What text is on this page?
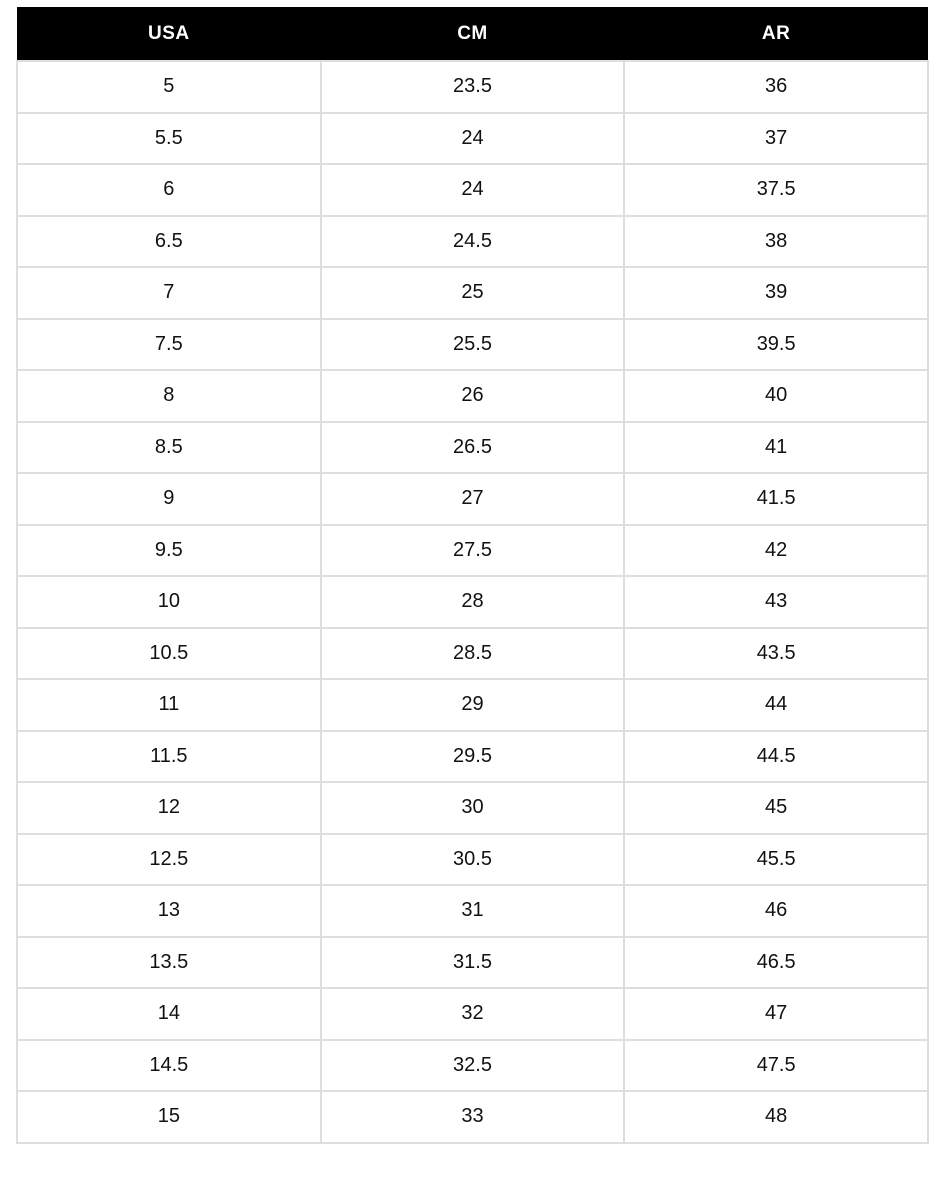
USA	CM	AR
5	23.5	36
5.5	24	37
6	24	37.5
6.5	24.5	38
7	25	39
7.5	25.5	39.5
8	26	40
8.5	26.5	41
9	27	41.5
9.5	27.5	42
10	28	43
10.5	28.5	43.5
11	29	44
11.5	29.5	44.5
12	30	45
12.5	30.5	45.5
13	31	46
13.5	31.5	46.5
14	32	47
14.5	32.5	47.5
15	33	48
